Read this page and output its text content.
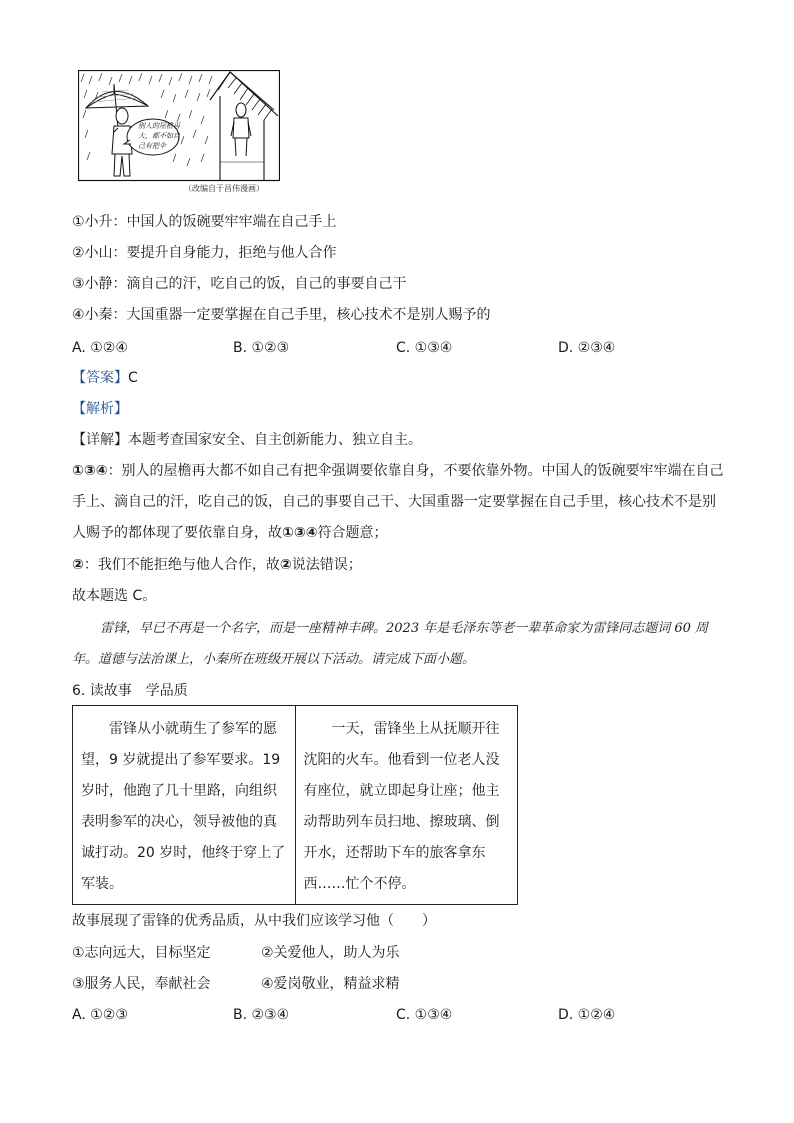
别人的屋檐再
大，都不如自
己有把伞
（改编自于昌伟漫画）
①小升：中国人的饭碗要牢牢端在自己手上
②小山：要提升自身能力，拒绝与他人合作
③小静：滴自己的汗，吃自己的饭，自己的事要自己干
④小秦：大国重器一定要掌握在自己手里，核心技术不是别人赐予的
A. ①②④	B. ①②③	C. ①③④	D. ②③④
【答案】C
【解析】
【详解】本题考查国家安全、自主创新能力、独立自主。

①③④：别人的屋檐再大都不如自己有把伞强调要依靠自身，不要依靠外物。中国人的饭碗要牢牢端在自己手上、滴自己的汗，吃自己的饭，自己的事要自己干、大国重器一定要掌握在自己手里，核心技术不是别人赐予的都体现了要依靠自身，故①③④符合题意；

②：我们不能拒绝与他人合作，故②说法错误；
故本题选 C。

雷锋，早已不再是一个名字，而是一座精神丰碑。2023 年是毛泽东等老一辈革命家为雷锋同志题词 60 周年。道德与法治课上，小秦所在班级开展以下活动。请完成下面小题。

6. 读故事　学品质
雷锋从小就萌生了参军的愿望，9 岁就提出了参军要求。19 岁时，他跑了几十里路，向组织表明参军的决心，领导被他的真诚打动。20 岁时，他终于穿上了军装。	一天，雷锋坐上从抚顺开往沈阳的火车。他看到一位老人没有座位，就立即起身让座；他主动帮助列车员扫地、擦玻璃、倒开水，还帮助下车的旅客拿东西……忙个不停。
故事展现了雷锋的优秀品质，从中我们应该学习他（　　）
①志向远大，目标坚定	②关爱他人，助人为乐
③服务人民，奉献社会	④爱岗敬业，精益求精
A. ①②③	B. ②③④	C. ①③④	D. ①②④
